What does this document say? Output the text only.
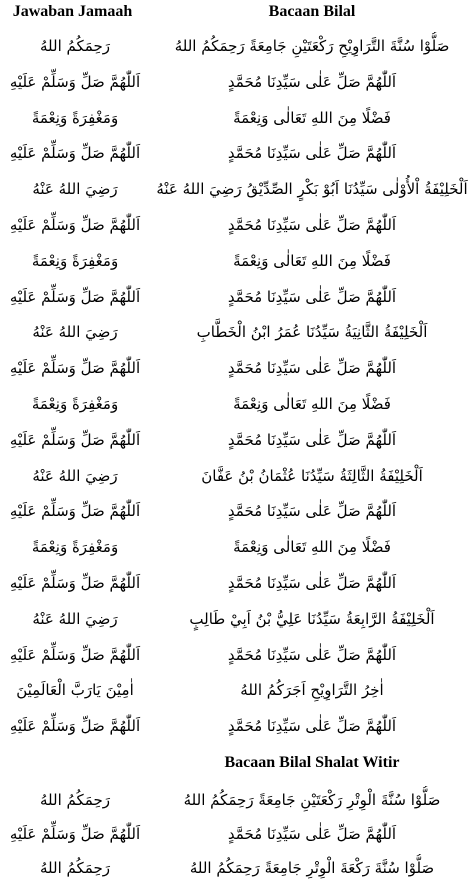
Jawaban Jamaah	Bacaan Bilal
رَحِمَكُمُ اللهُ	صَلُّوْا سُنَّةَ التَّرَاوِيْحِ رَكْعَتَيْنِ جَامِعَةً رَحِمَكُمُ اللهُ
اَللّٰهُمَّ صَلِّ وَسَلِّمْ عَلَيْهِ	اَللّٰهُمَّ صَلِّ عَلٰى سَيِّدِنَا مُحَمَّدٍ
وَمَغْفِرَةً وَنِعْمَةً	فَضْلًا مِنَ اللهِ تَعَالٰى وَنِعْمَةً
اَللّٰهُمَّ صَلِّ وَسَلِّمْ عَلَيْهِ	اَللّٰهُمَّ صَلِّ عَلٰى سَيِّدِنَا مُحَمَّدٍ
رَضِيَ اللهُ عَنْهُ	اَلْخَلِيْفَةُ اْلأُوْلٰى سَيِّدُنَا اَبُوْ بَكْرٍ الصِّدِّيْقُ رَضِيَ اللهُ عَنْهُ
اَللّٰهُمَّ صَلِّ وَسَلِّمْ عَلَيْهِ	اَللّٰهُمَّ صَلِّ عَلٰى سَيِّدِنَا مُحَمَّدٍ
وَمَغْفِرَةً وَنِعْمَةً	فَضْلًا مِنَ اللهِ تَعَالٰى وَنِعْمَةً
اَللّٰهُمَّ صَلِّ وَسَلِّمْ عَلَيْهِ	اَللّٰهُمَّ صَلِّ عَلٰى سَيِّدِنَا مُحَمَّدٍ
رَضِيَ اللهُ عَنْهُ	اَلْخَلِيْفَةُ الثَّانِيَةُ سَيِّدُنَا عُمَرُ ابْنُ الْخَطَّابِ
اَللّٰهُمَّ صَلِّ وَسَلِّمْ عَلَيْهِ	اَللّٰهُمَّ صَلِّ عَلٰى سَيِّدِنَا مُحَمَّدٍ
وَمَغْفِرَةً وَنِعْمَةً	فَضْلًا مِنَ اللهِ تَعَالٰى وَنِعْمَةً
اَللّٰهُمَّ صَلِّ وَسَلِّمْ عَلَيْهِ	اَللّٰهُمَّ صَلِّ عَلٰى سَيِّدِنَا مُحَمَّدٍ
رَضِيَ اللهُ عَنْهُ	اَلْخَلِيْفَةُ الثَّالِثَةُ سَيِّدُنَا عُثْمَانُ بْنُ عَفَّانَ
اَللّٰهُمَّ صَلِّ وَسَلِّمْ عَلَيْهِ	اَللّٰهُمَّ صَلِّ عَلٰى سَيِّدِنَا مُحَمَّدٍ
وَمَغْفِرَةً وَنِعْمَةً	فَضْلًا مِنَ اللهِ تَعَالٰى وَنِعْمَةً
اَللّٰهُمَّ صَلِّ وَسَلِّمْ عَلَيْهِ	اَللّٰهُمَّ صَلِّ عَلٰى سَيِّدِنَا مُحَمَّدٍ
رَضِيَ اللهُ عَنْهُ	اَلْخَلِيْفَةُ الرَّابِعَةُ سَيِّدُنَا عَلِيُّ بْنُ اَبِيْ طَالِبٍ
اَللّٰهُمَّ صَلِّ وَسَلِّمْ عَلَيْهِ	اَللّٰهُمَّ صَلِّ عَلٰى سَيِّدِنَا مُحَمَّدٍ
اٰمِيْنَ يَارَبَّ الْعَالَمِيْنَ	اٰخِرُ التَّرَاوِيْحِ اَجَرَكُمُ اللهُ
اَللّٰهُمَّ صَلِّ وَسَلِّمْ عَلَيْهِ	اَللّٰهُمَّ صَلِّ عَلٰى سَيِّدِنَا مُحَمَّدٍ
Bacaan Bilal Shalat Witir
رَحِمَكُمُ اللهُ	صَلُّوْا سُنَّةَ الْوِتْرِ رَكْعَتَيْنِ جَامِعَةً رَحِمَكُمُ اللهُ
اَللّٰهُمَّ صَلِّ وَسَلِّمْ عَلَيْهِ	اَللّٰهُمَّ صَلِّ عَلٰى سَيِّدِنَا مُحَمَّدٍ
رَحِمَكُمُ اللهُ	صَلُّوْا سُنَّةَ رَكْعَةَ الْوِتْرِ جَامِعَةً رَحِمَكُمُ اللهُ
